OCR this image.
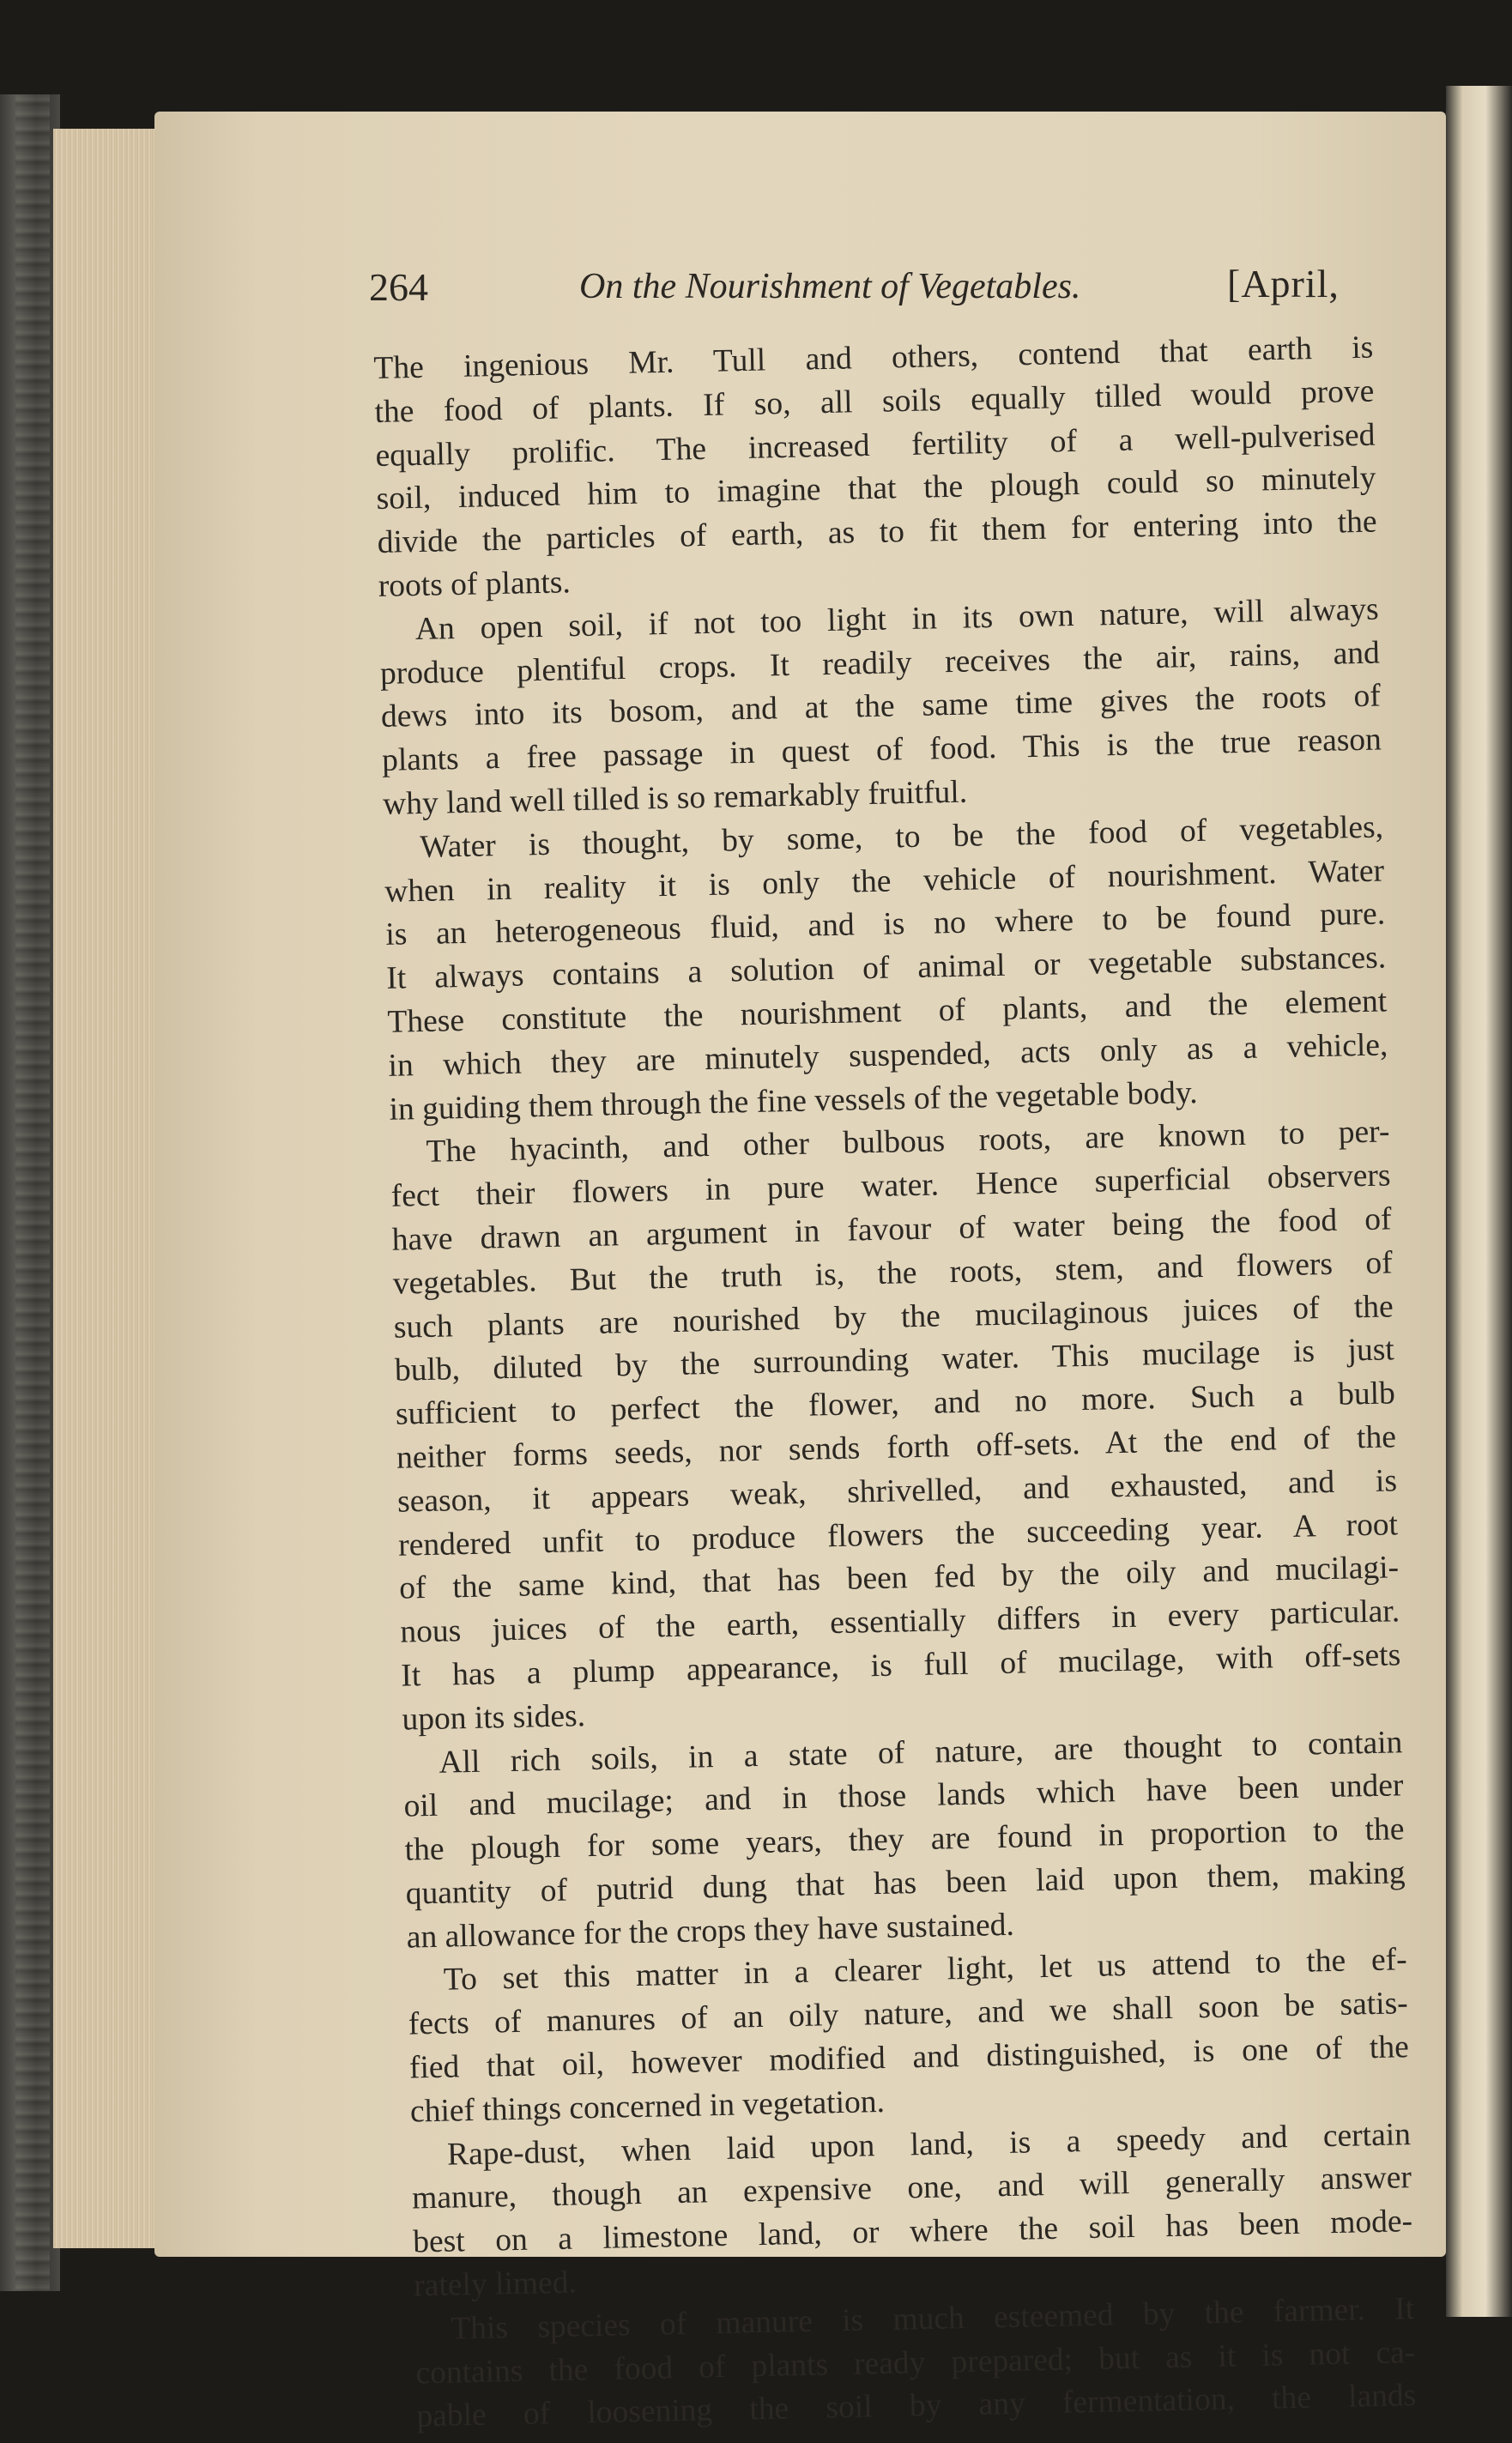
264	On the Nourishment of Vegetables.	[April,
The ingenious Mr. Tull and others, contend that earth is
the food of plants. If so, all soils equally tilled would prove
equally prolific. The increased fertility of a well-pulverised
soil, induced him to imagine that the plough could so minutely
divide the particles of earth, as to fit them for entering into the
roots of plants.
An open soil, if not too light in its own nature, will always
produce plentiful crops. It readily receives the air, rains, and
dews into its bosom, and at the same time gives the roots of
plants a free passage in quest of food. This is the true reason
why land well tilled is so remarkably fruitful.
Water is thought, by some, to be the food of vegetables,
when in reality it is only the vehicle of nourishment. Water
is an heterogeneous fluid, and is no where to be found pure.
It always contains a solution of animal or vegetable substances.
These constitute the nourishment of plants, and the element
in which they are minutely suspended, acts only as a vehicle,
in guiding them through the fine vessels of the vegetable body.
The hyacinth, and other bulbous roots, are known to per-
fect their flowers in pure water. Hence superficial observers
have drawn an argument in favour of water being the food of
vegetables. But the truth is, the roots, stem, and flowers of
such plants are nourished by the mucilaginous juices of the
bulb, diluted by the surrounding water. This mucilage is just
sufficient to perfect the flower, and no more. Such a bulb
neither forms seeds, nor sends forth off-sets. At the end of the
season, it appears weak, shrivelled, and exhausted, and is
rendered unfit to produce flowers the succeeding year. A root
of the same kind, that has been fed by the oily and mucilagi-
nous juices of the earth, essentially differs in every particular.
It has a plump appearance, is full of mucilage, with off-sets
upon its sides.
All rich soils, in a state of nature, are thought to contain
oil and mucilage; and in those lands which have been under
the plough for some years, they are found in proportion to the
quantity of putrid dung that has been laid upon them, making
an allowance for the crops they have sustained.
To set this matter in a clearer light, let us attend to the ef-
fects of manures of an oily nature, and we shall soon be satis-
fied that oil, however modified and distinguished, is one of the
chief things concerned in vegetation.
Rape-dust, when laid upon land, is a speedy and certain
manure, though an expensive one, and will generally answer
best on a limestone land, or where the soil has been mode-
rately limed.
This species of manure is much esteemed by the farmer. It
contains the food of plants ready prepared; but as it is not ca-
pable of loosening the soil by any fermentation, the lands
